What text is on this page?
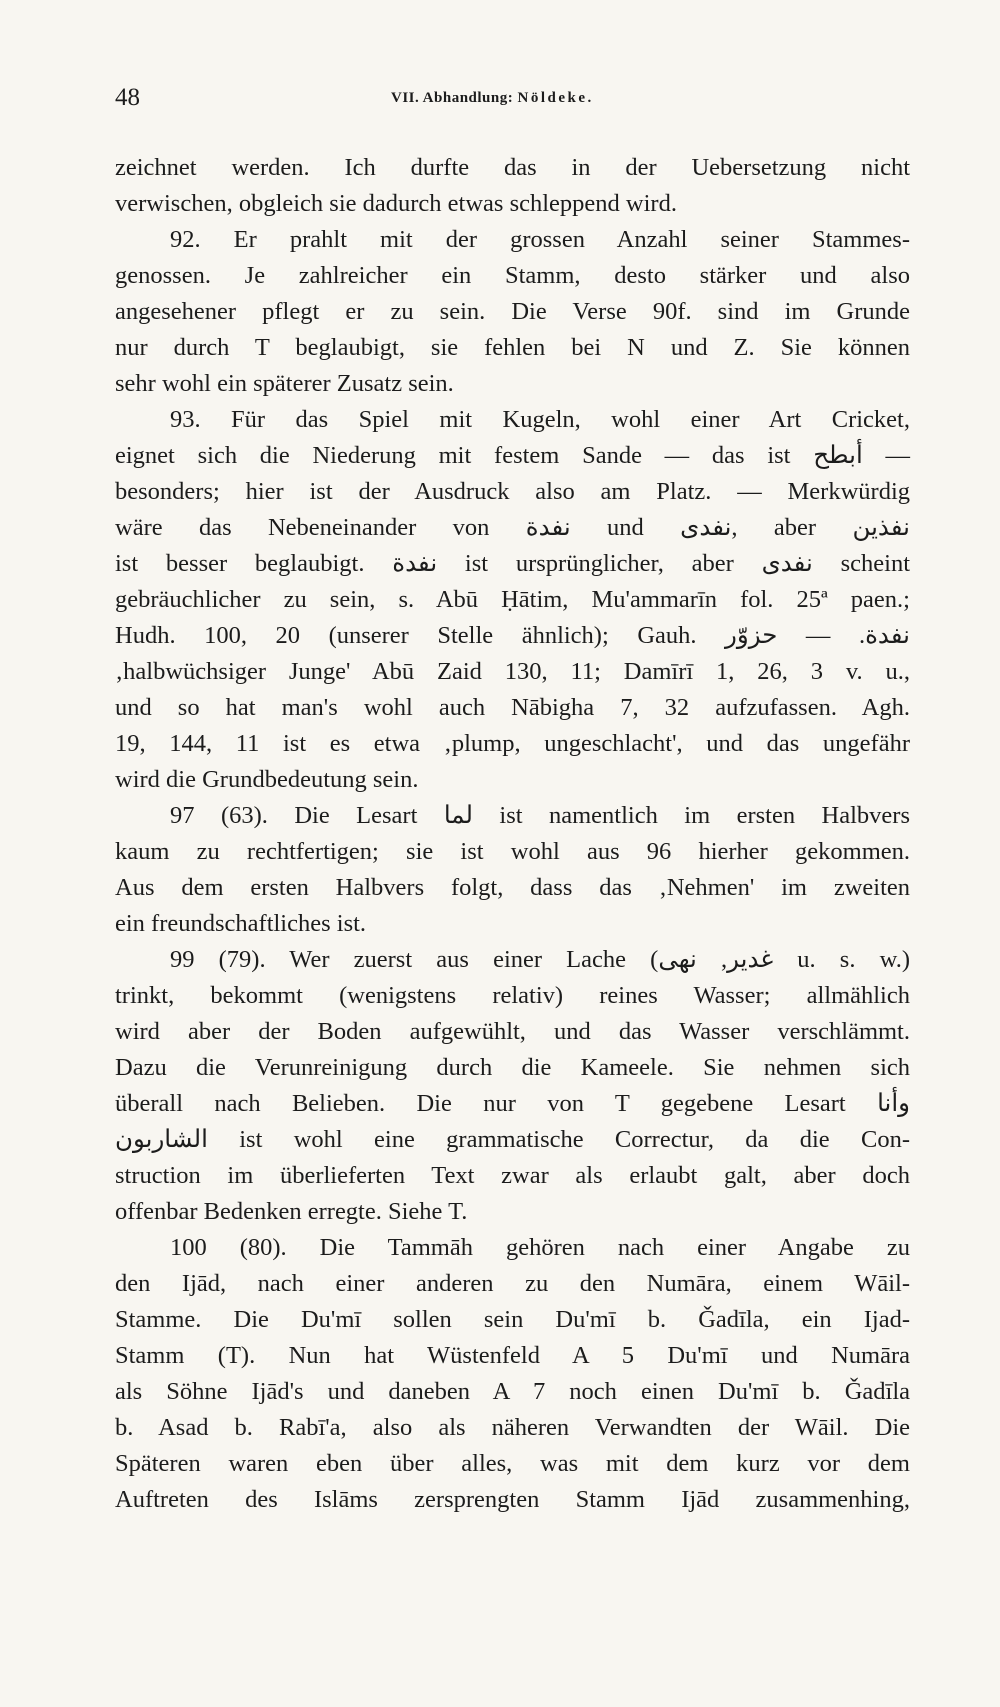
48	VII. Abhandlung: Nöldeke.
zeichnet werden. Ich durfte das in der Uebersetzung nicht
verwischen, obgleich sie dadurch etwas schleppend wird.
92. Er prahlt mit der grossen Anzahl seiner Stammes-
genossen. Je zahlreicher ein Stamm, desto stärker und also
angesehener pflegt er zu sein. Die Verse 90f. sind im Grunde
nur durch T beglaubigt, sie fehlen bei N und Z. Sie können
sehr wohl ein späterer Zusatz sein.
93. Für das Spiel mit Kugeln, wohl einer Art Cricket,
eignet sich die Niederung mit festem Sande — das ist أبطح —
besonders; hier ist der Ausdruck also am Platz. — Merkwürdig
wäre das Nebeneinander von نفدة und نفدى, aber نفذين
ist besser beglaubigt. نفدة ist ursprünglicher, aber نفدى scheint
gebräuchlicher zu sein, s. Abū Ḥātim, Mu'ammarīn fol. 25ª paen.;
Hudh. 100, 20 (unserer Stelle ähnlich); Gauh. نفدة. — حزوّر
‚halbwüchsiger Junge' Abū Zaid 130, 11; Damīrī 1, 26, 3 v. u.,
und so hat man's wohl auch Nābigha 7, 32 aufzufassen. Agh.
19, 144, 11 ist es etwa ‚plump, ungeschlacht', und das ungefähr
wird die Grundbedeutung sein.
97 (63). Die Lesart لما ist namentlich im ersten Halbvers
kaum zu rechtfertigen; sie ist wohl aus 96 hierher gekommen.
Aus dem ersten Halbvers folgt, dass das ‚Nehmen' im zweiten
ein freundschaftliches ist.
99 (79). Wer zuerst aus einer Lache (غدير, نهى u. s. w.)
trinkt, bekommt (wenigstens relativ) reines Wasser; allmählich
wird aber der Boden aufgewühlt, und das Wasser verschlämmt.
Dazu die Verunreinigung durch die Kameele. Sie nehmen sich
überall nach Belieben. Die nur von T gegebene Lesart وأنا
الشاربون ist wohl eine grammatische Correctur, da die Con-
struction im überlieferten Text zwar als erlaubt galt, aber doch
offenbar Bedenken erregte. Siehe T.
100 (80). Die Tammāh gehören nach einer Angabe zu
den Ijād, nach einer anderen zu den Numāra, einem Wāil-
Stamme. Die Du'mī sollen sein Du'mī b. Ǧadīla, ein Ijad-
Stamm (T). Nun hat Wüstenfeld A 5 Du'mī und Numāra
als Söhne Ijād's und daneben A 7 noch einen Du'mī b. Ǧadīla
b. Asad b. Rabī'a, also als näheren Verwandten der Wāil. Die
Späteren waren eben über alles, was mit dem kurz vor dem
Auftreten des Islāms zersprengten Stamm Ijād zusammenhing,
